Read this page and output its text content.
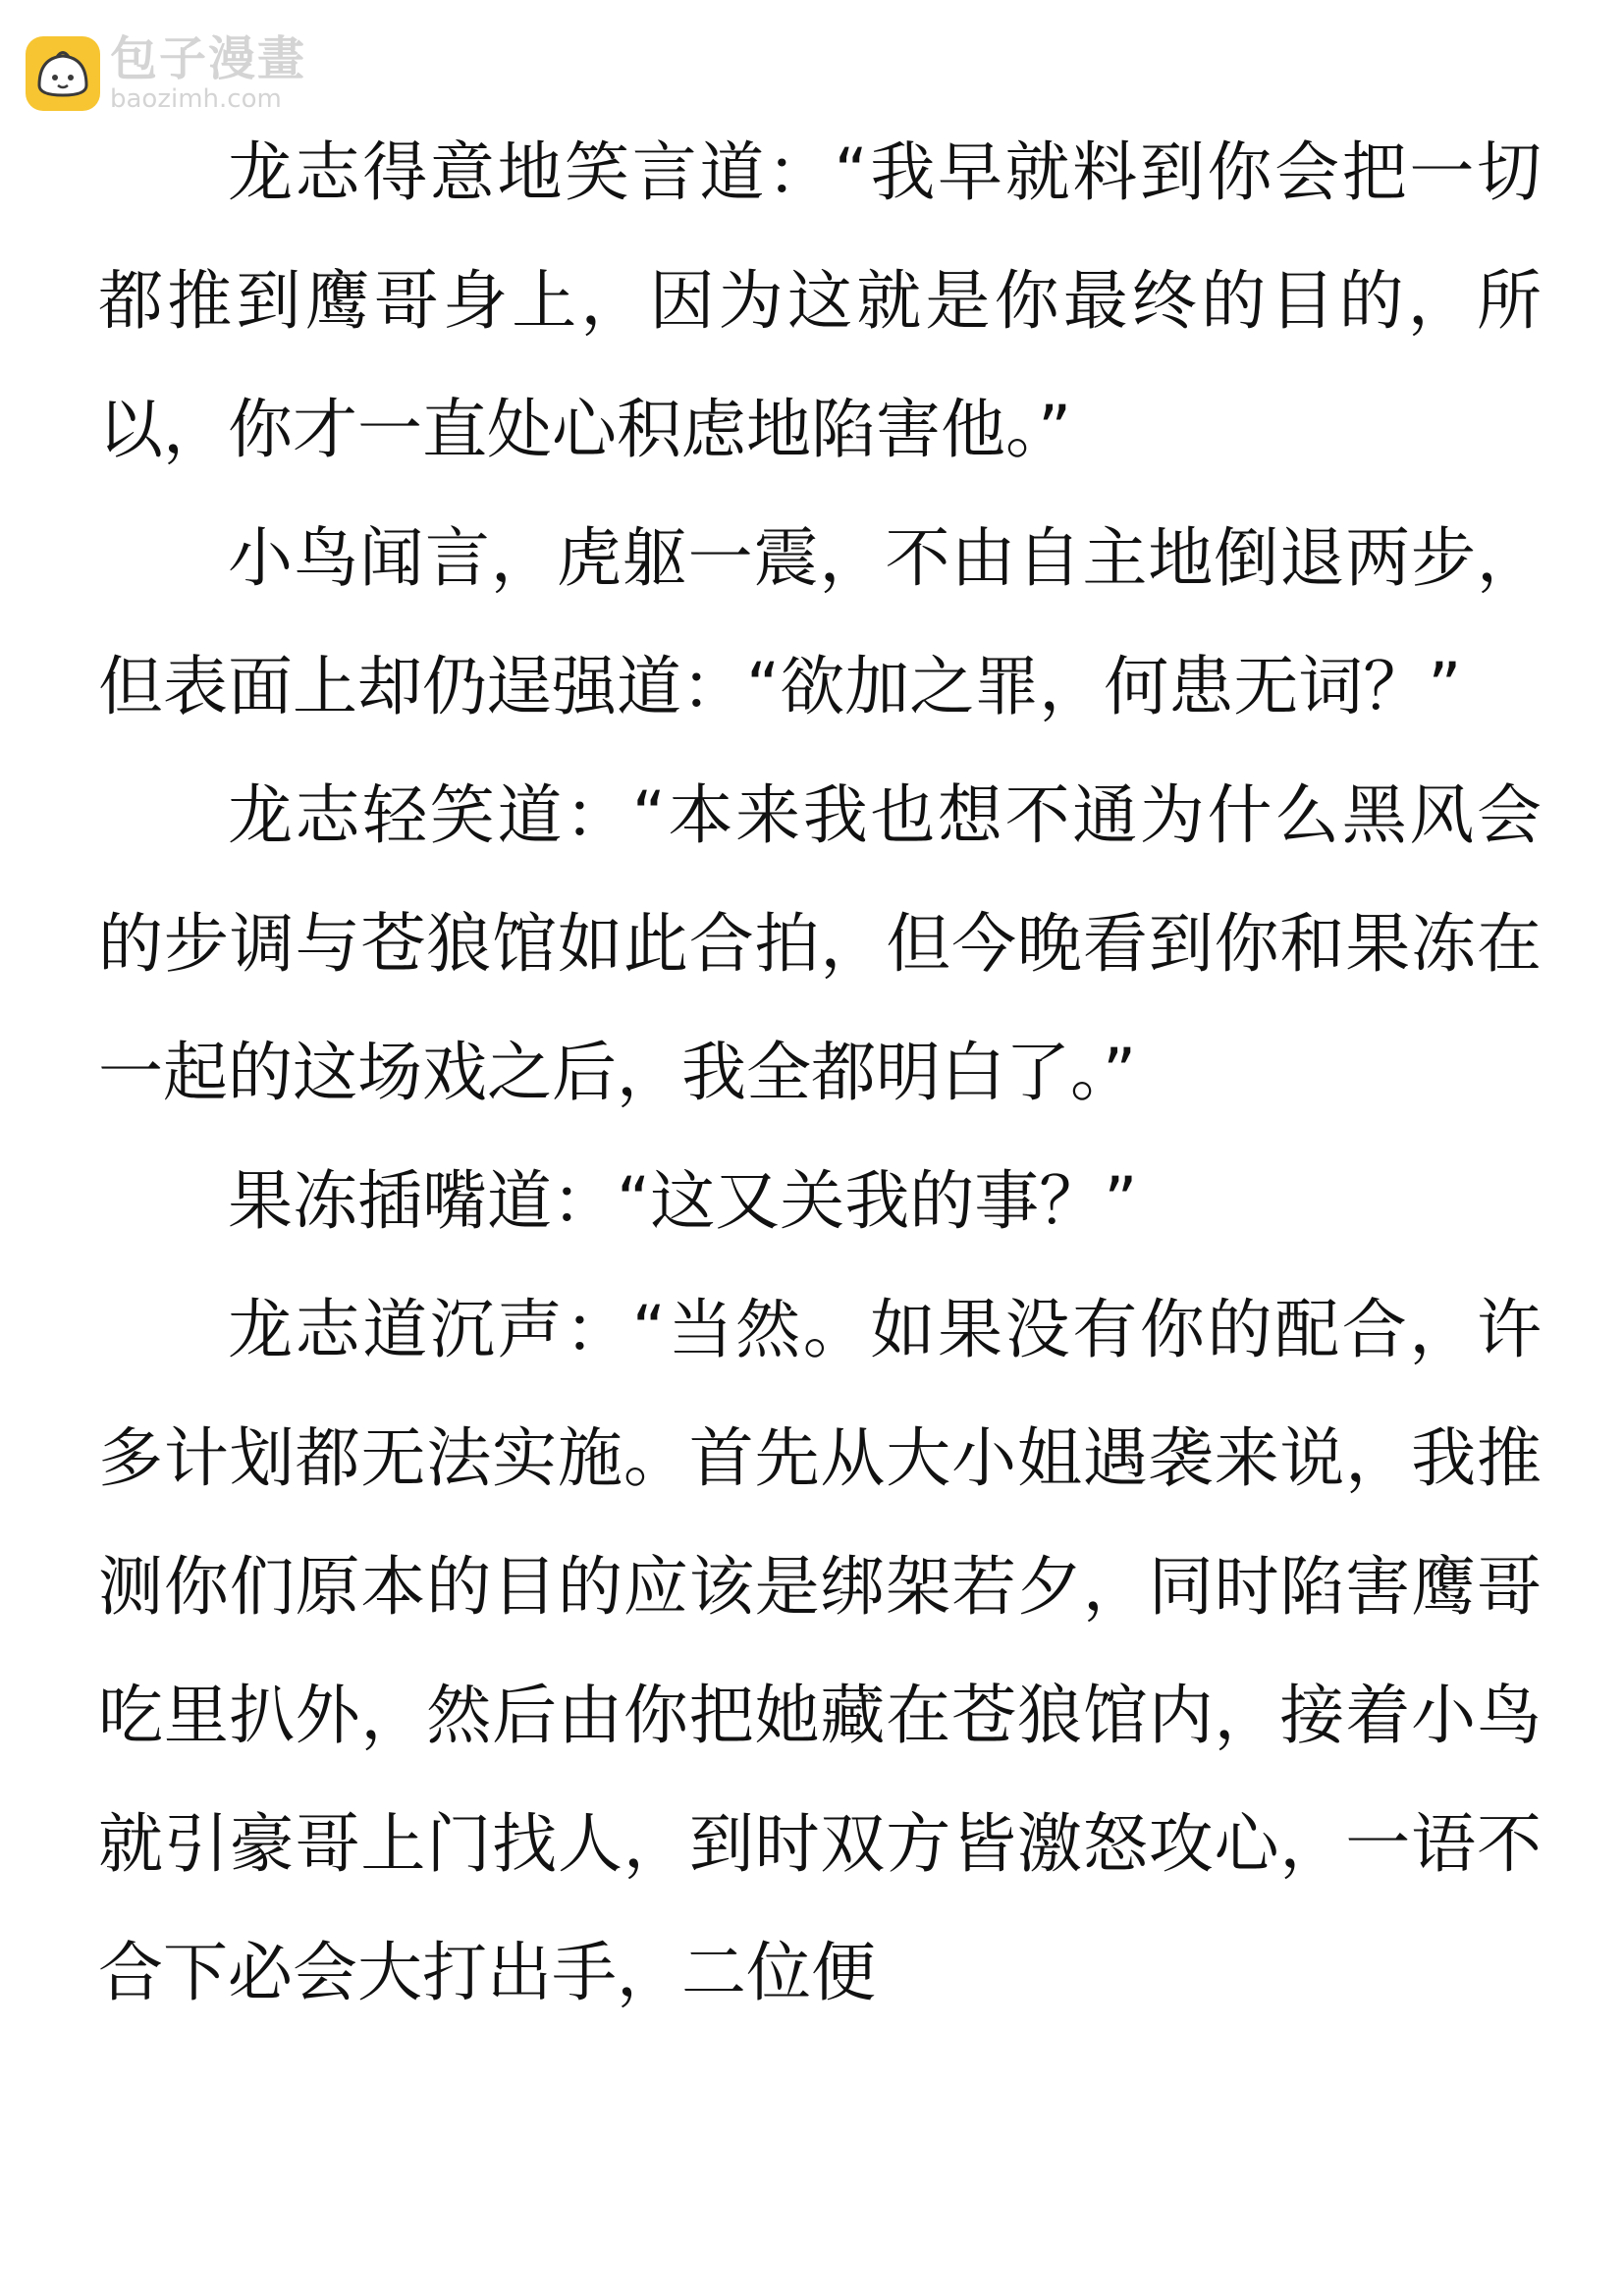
包子漫畫
baozimh.com

龙志得意地笑言道：“我早就料到你会把一切都推到鹰哥身上，因为这就是你最终的目的，所以，你才一直处心积虑地陷害他。”

小鸟闻言，虎躯一震，不由自主地倒退两步，但表面上却仍逞强道：“欲加之罪，何患无词？”

龙志轻笑道：“本来我也想不通为什么黑风会的步调与苍狼馆如此合拍，但今晚看到你和果冻在一起的这场戏之后，我全都明白了。”

果冻插嘴道：“这又关我的事？”

龙志道沉声：“当然。如果没有你的配合，许多计划都无法实施。首先从大小姐遇袭来说，我推测你们原本的目的应该是绑架若夕，同时陷害鹰哥吃里扒外，然后由你把她藏在苍狼馆内，接着小鸟就引豪哥上门找人，到时双方皆激怒攻心，一语不合下必会大打出手，二位便
